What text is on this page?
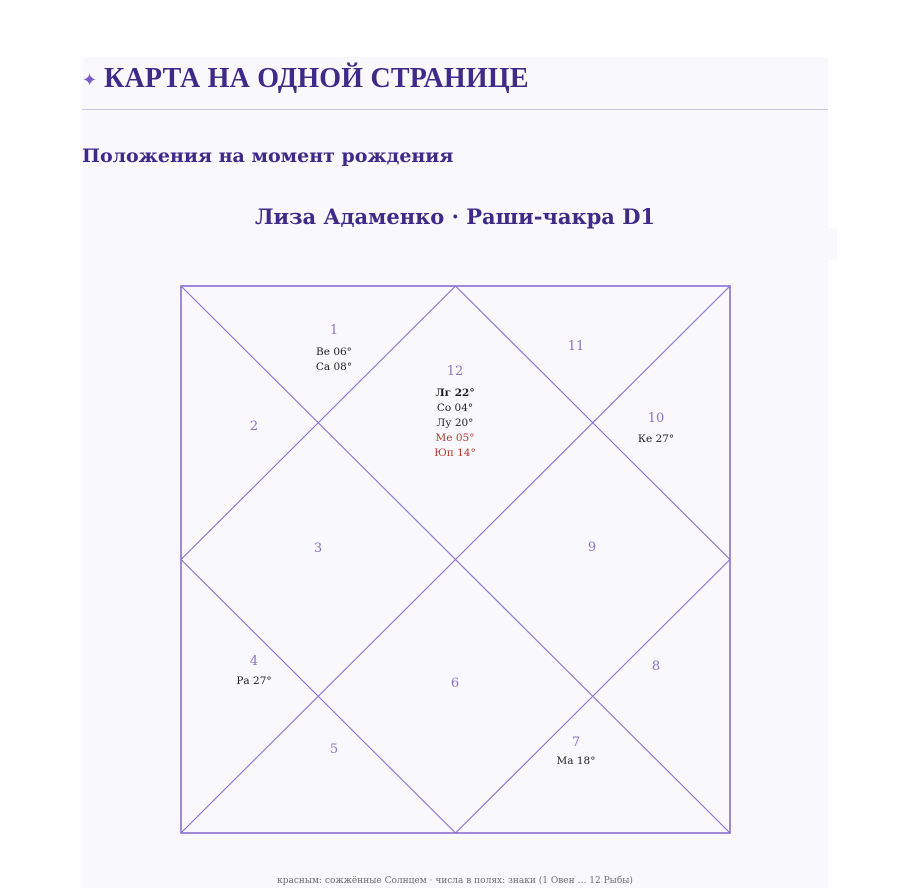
✦ КАРТА НА ОДНОЙ СТРАНИЦЕ
Положения на момент рождения
Лиза Адаменко · Раши-чакра D1
1
Ве 06°
Са 08°
2
3
4
Ра 27°
5
6
7
Ма 18°
8
9
10
Ке 27°
11
12
Лг 22°
Со 04°
Лу 20°
Ме 05°
Юп 14°
красным: сожжённые Солнцем · числа в полях: знаки (1 Овен … 12 Рыбы)
